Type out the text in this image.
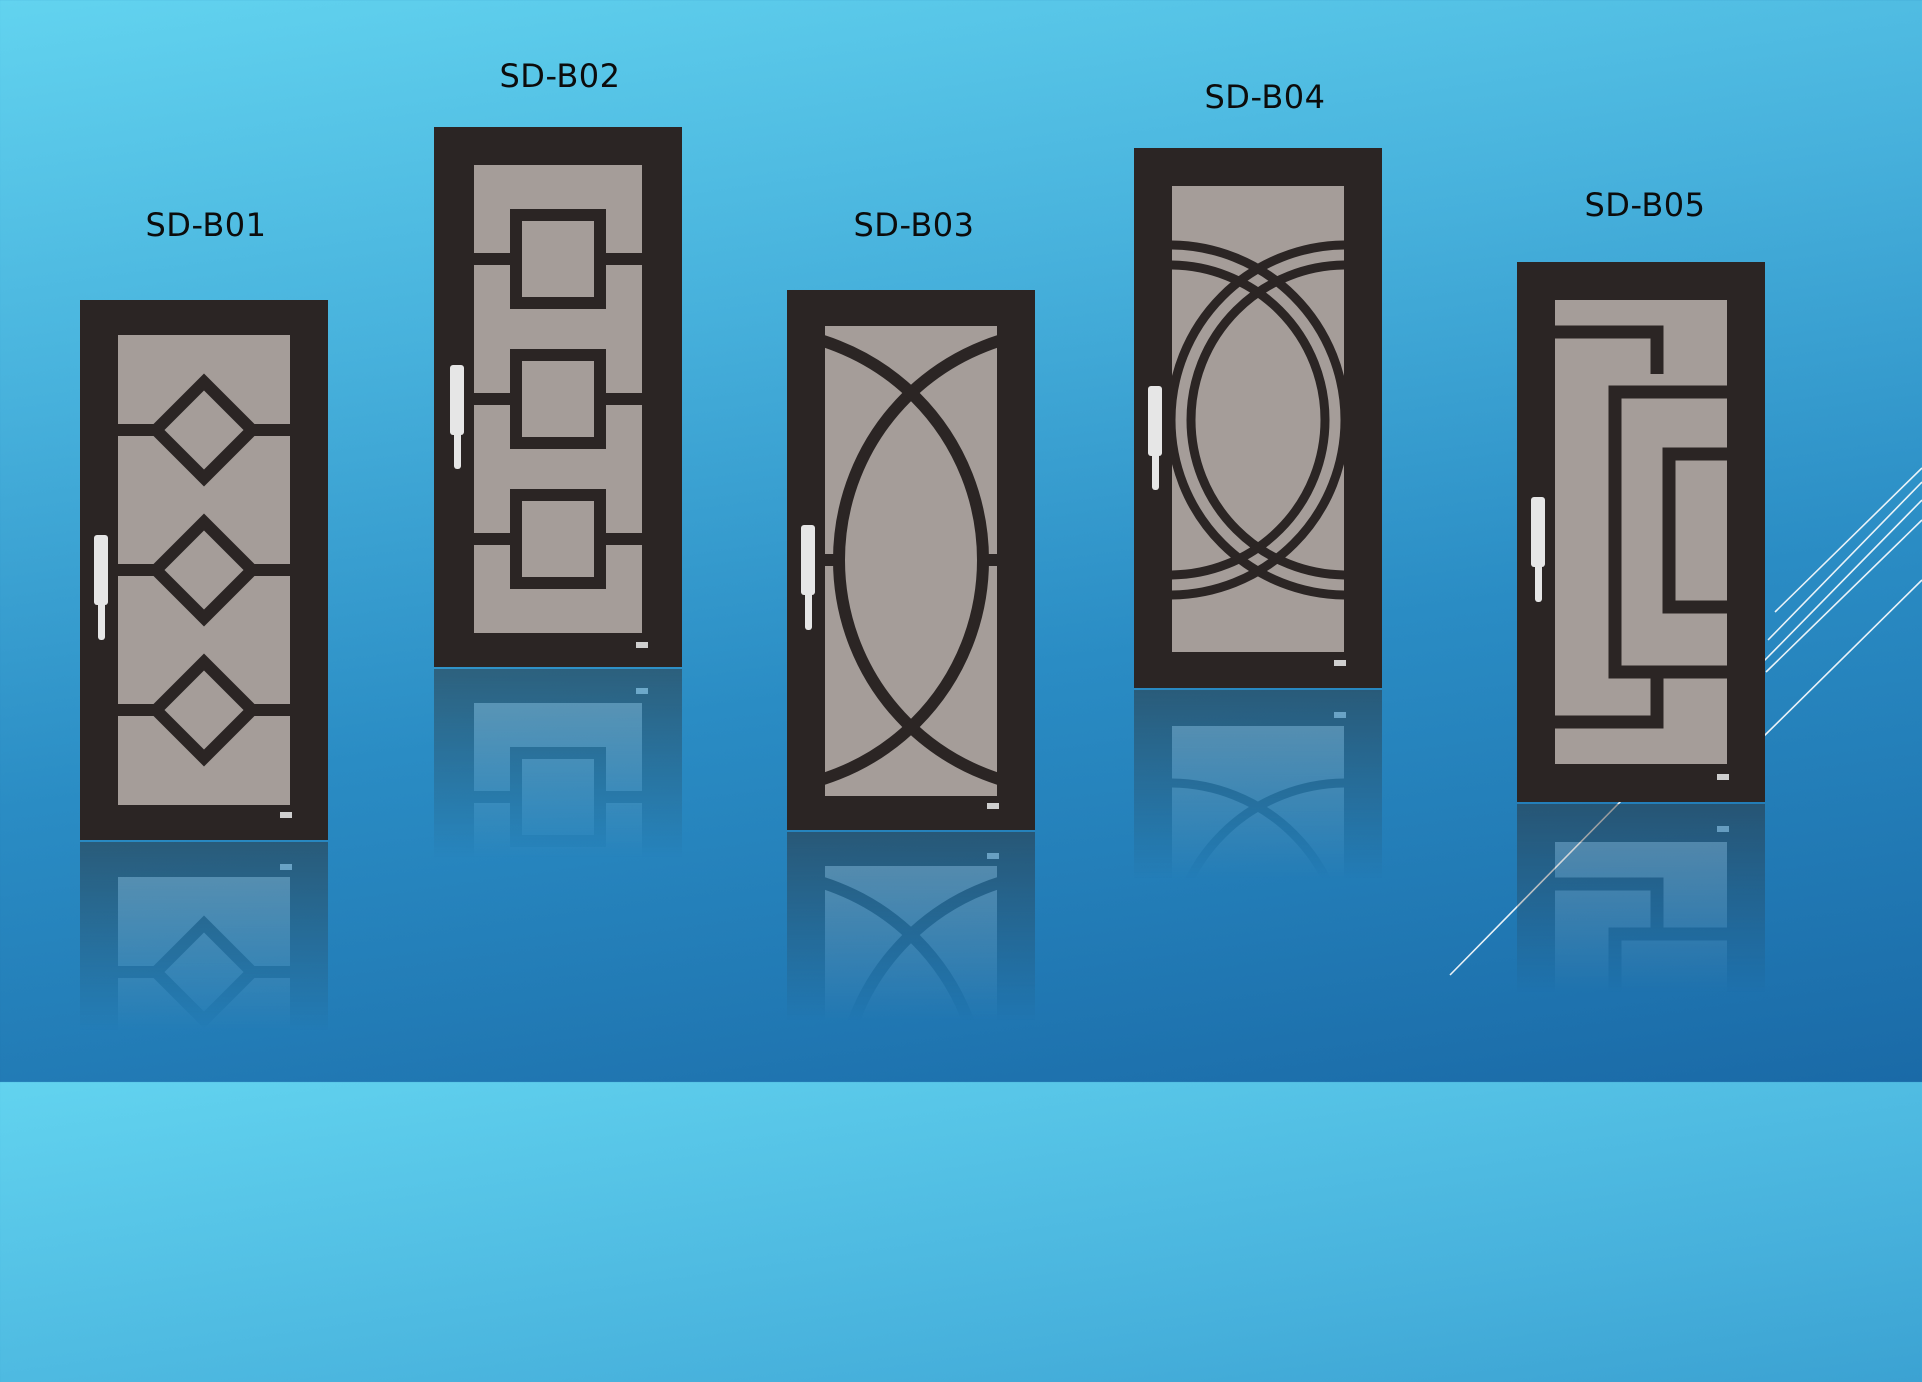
SD-B01
SD-B02
SD-B03
SD-B04
SD-B05
